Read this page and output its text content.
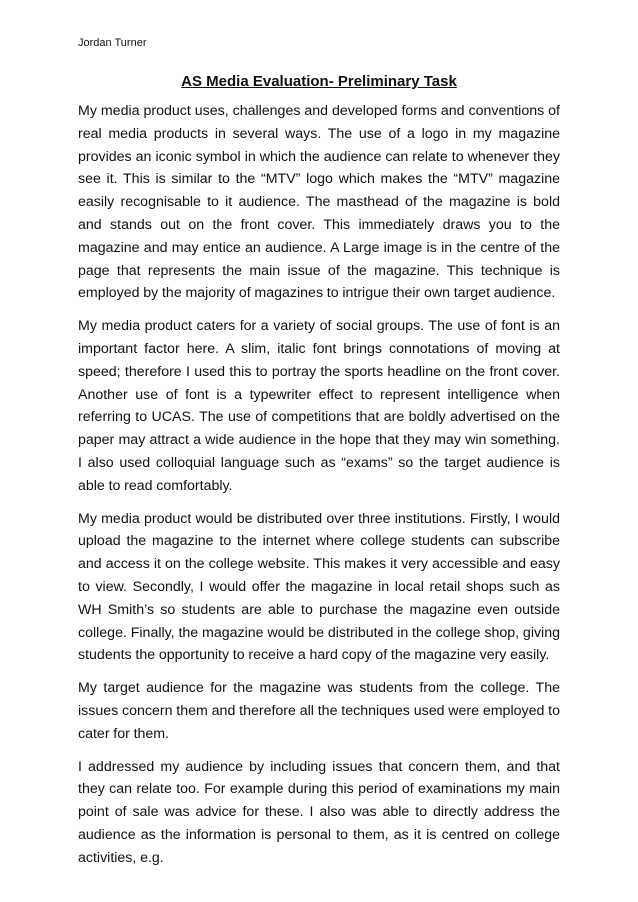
Jordan Turner
AS Media Evaluation- Preliminary Task
My media product uses, challenges and developed forms and conventions of real media products in several ways. The use of a logo in my magazine provides an iconic symbol in which the audience can relate to whenever they see it. This is similar to the “MTV” logo which makes the “MTV” magazine easily recognisable to it audience. The masthead of the magazine is bold and stands out on the front cover. This immediately draws you to the magazine and may entice an audience. A Large image is in the centre of the page that represents the main issue of the magazine. This technique is employed by the majority of magazines to intrigue their own target audience.
My media product caters for a variety of social groups. The use of font is an important factor here. A slim, italic font brings connotations of moving at speed; therefore I used this to portray the sports headline on the front cover. Another use of font is a typewriter effect to represent intelligence when referring to UCAS. The use of competitions that are boldly advertised on the paper may attract a wide audience in the hope that they may win something. I also used colloquial language such as “exams” so the target audience is able to read comfortably.
My media product would be distributed over three institutions. Firstly, I would upload the magazine to the internet where college students can subscribe and access it on the college website. This makes it very accessible and easy to view. Secondly, I would offer the magazine in local retail shops such as WH Smith’s so students are able to purchase the magazine even outside college. Finally, the magazine would be distributed in the college shop, giving students the opportunity to receive a hard copy of the magazine very easily.
My target audience for the magazine was students from the college. The issues concern them and therefore all the techniques used were employed to cater for them.
I addressed my audience by including issues that concern them, and that they can relate too. For example during this period of examinations my main point of sale was advice for these. I also was able to directly address the audience as the information is personal to them, as it is centred on college activities, e.g.
